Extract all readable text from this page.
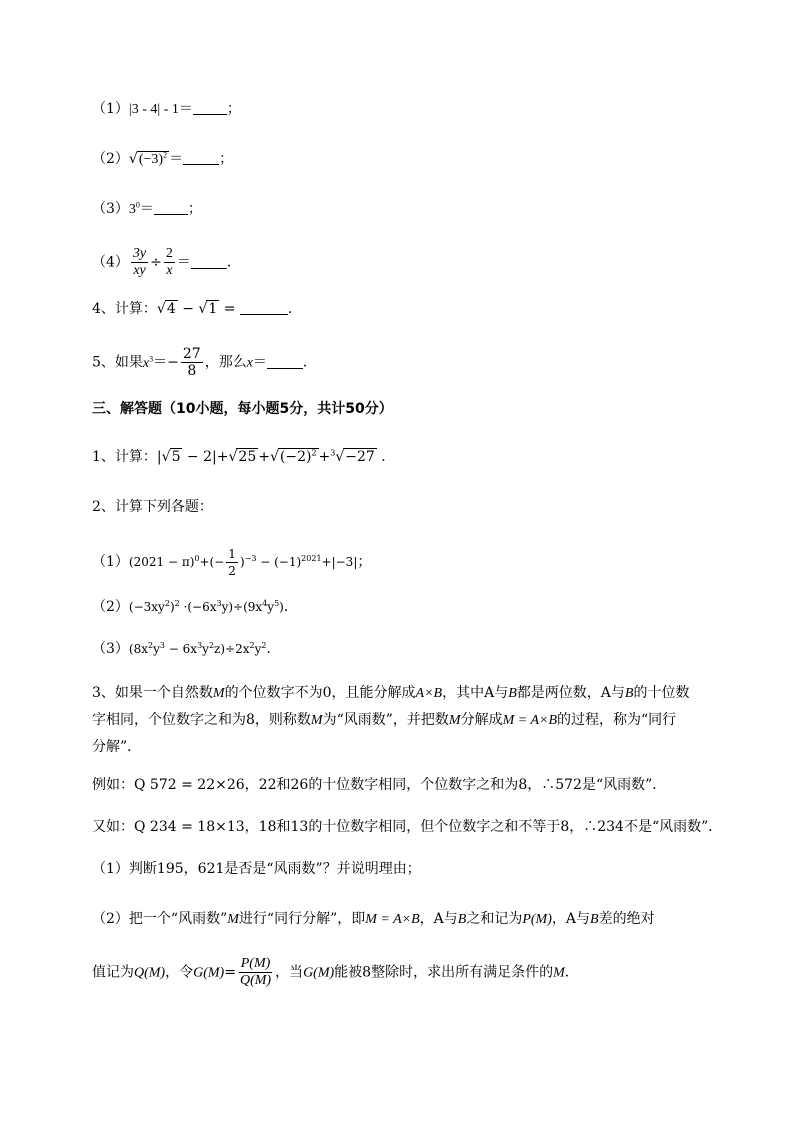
（1）|3 - 4| - 1＝ ；
$(2)√(-3)^2$ ＝	；
$(3)3^0=$ ；
$(4) \frac{3y}{xy} \div \frac{2}{x}$ ＝	．
4、计算：√4 − √1 =	．
5、如果$x^3=- \frac{27}{8}$ ，那么x＝	．
三、解答题（10小题，每小题5分，共计50分）
1、计算：$|√5 - 2|+√25 +√(-2)^2 +^3√-27$ ．
2、计算下列各题：
$(1)(2021 - \pi)^0+(- \frac{1}{2} )^{-3} - (-1)^{2021}+|-3|$；
$(2)(-3xy^2)^2 \cdot(-6x^3y)\div(9x^4y^5)$．
$(3)(8x^2y^3 - 6x^3y^2z)\div 2x^2y^2$．
3、如果一个自然数M的个位数字不为0，且能分解成A×B，其中A与B都是两位数，A与B的十位数
字相同，个位数字之和为8，则称数M为“风雨数”，并把数M分解成M = A×B的过程，称为“同行
分解”．
例如：Q 572 = 22×26，22和26的十位数字相同，个位数字之和为8，∴572是“风雨数”．
又如：Q 234 = 18×13，18和13的十位数字相同，但个位数字之和不等于8，∴234不是“风雨数”．
（1）判断195，621是否是“风雨数”？并说明理由；
（2）把一个“风雨数”M进行“同行分解”，即M = A×B，A与B之和记为P(M)，A与B差的绝对
值记为Q(M)，令$G(M)= \frac{P(M)}{Q(M)}$ ，当G(M)能被8整除时，求出所有满足条件的M．
